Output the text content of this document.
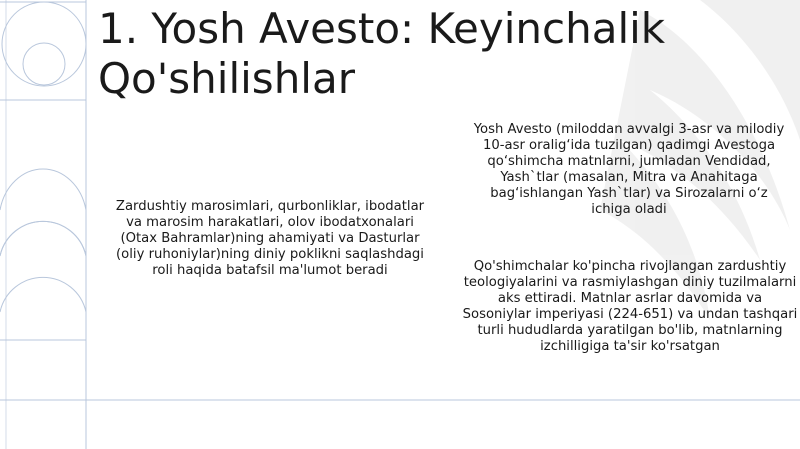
1. Yosh Avesto: Keyinchalik Qo'shilishlar
Zardushtiy marosimlari, qurbonliklar, ibodatlar va marosim harakatlari, olov ibodatxonalari (Otax Bahramlar)ning ahamiyati va Dasturlar (oliy ruhoniylar)ning diniy poklikni saqlashdagi roli haqida batafsil ma'lumot beradi
Yosh Avesto (miloddan avvalgi 3-asr va milodiy 10-asr oralig‘ida tuzilgan) qadimgi Avestoga qo‘shimcha matnlarni, jumladan Vendidad, Yash`tlar (masalan, Mitra va Anahitaga bag‘ishlangan Yash`tlar) va Sirozalarni o‘z ichiga oladi
Qo'shimchalar ko'pincha rivojlangan zardushtiy teologiyalarini va rasmiylashgan diniy tuzilmalarni aks ettiradi. Matnlar asrlar davomida va Sosoniylar imperiyasi (224-651) va undan tashqari turli hududlarda yaratilgan bo'lib, matnlarning izchilligiga ta'sir ko'rsatgan
